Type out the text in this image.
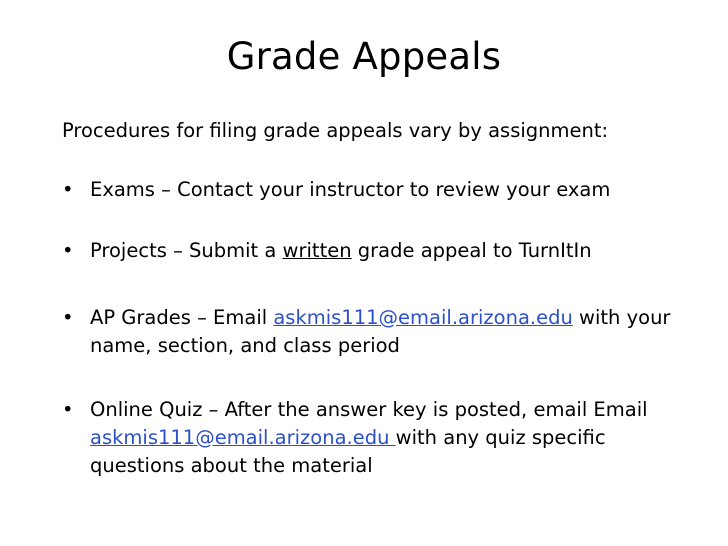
Grade Appeals
Procedures for filing grade appeals vary by assignment:
• Exams – Contact your instructor to review your exam
• Projects – Submit a written grade appeal to TurnItIn
• AP Grades – Email askmis111@email.arizona.edu with your
name, section, and class period
• Online Quiz – After the answer key is posted, email Email
askmis111@email.arizona.edu with any quiz specific
questions about the material
